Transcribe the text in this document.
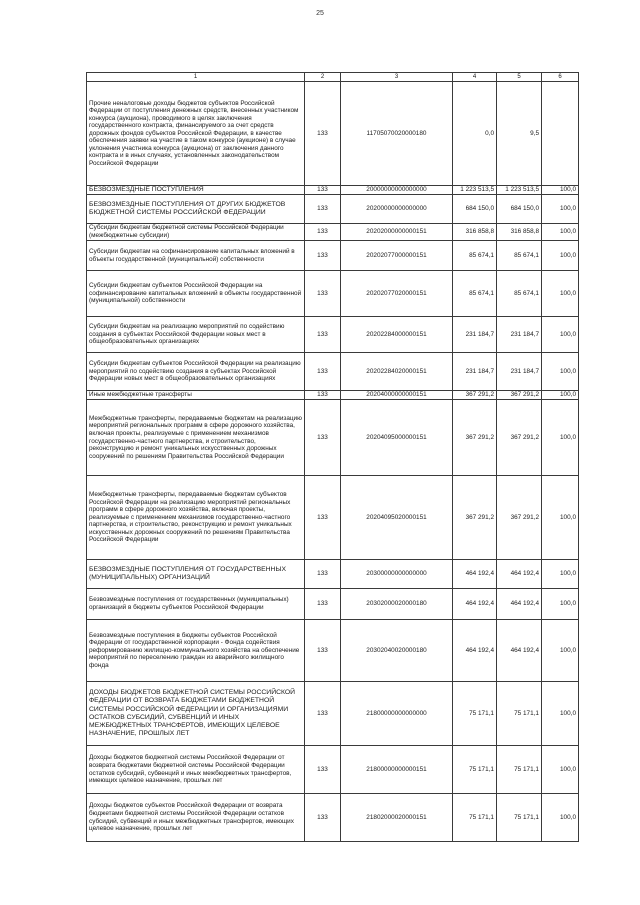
25
1	2	3	4	5	6
Прочие неналоговые доходы бюджетов субъектов Российской Федерации от поступления денежных средств, внесенных участником конкурса (аукциона), проводимого в целях заключения государственного контракта, финансируемого за счет средств дорожных фондов субъектов Российской Федерации, в качестве обеспечения заявки на участие в таком конкурсе (аукционе) в случае уклонения участника конкурса (аукциона) от заключения данного контракта и в иных случаях, установленных законодательством Российской Федерации	133	11705070020000180	0,0	9,5	
БЕЗВОЗМЕЗДНЫЕ ПОСТУПЛЕНИЯ	133	20000000000000000	1 223 513,5	1 223 513,5	100,0
БЕЗВОЗМЕЗДНЫЕ ПОСТУПЛЕНИЯ ОТ ДРУГИХ БЮДЖЕТОВ БЮДЖЕТНОЙ СИСТЕМЫ РОССИЙСКОЙ ФЕДЕРАЦИИ	133	20200000000000000	684 150,0	684 150,0	100,0
Субсидии бюджетам бюджетной системы Российской Федерации (межбюджетные субсидии)	133	20202000000000151	316 858,8	316 858,8	100,0
Субсидии бюджетам на софинансирование капитальных вложений в объекты государственной (муниципальной) собственности	133	20202077000000151	85 674,1	85 674,1	100,0
Субсидии бюджетам субъектов Российской Федерации на софинансирование капитальных вложений в объекты государственной (муниципальной) собственности	133	20202077020000151	85 674,1	85 674,1	100,0
Субсидии бюджетам на реализацию мероприятий по содействию создания в субъектах Российской Федерации новых мест в общеобразовательных организациях	133	20202284000000151	231 184,7	231 184,7	100,0
Субсидии бюджетам субъектов Российской Федерации на реализацию мероприятий по содействию создания в субъектах Российской Федерации новых мест в общеобразовательных организациях	133	20202284020000151	231 184,7	231 184,7	100,0
Иные межбюджетные трансферты	133	20204000000000151	367 291,2	367 291,2	100,0
Межбюджетные трансферты, передаваемые бюджетам на реализацию мероприятий региональных программ в сфере дорожного хозяйства, включая проекты, реализуемые с применением механизмов государственно-частного партнерства, и строительство, реконструкцию и ремонт уникальных искусственных дорожных сооружений по решениям Правительства Российской Федерации	133	20204095000000151	367 291,2	367 291,2	100,0
Межбюджетные трансферты, передаваемые бюджетам субъектов Российской Федерации на реализацию мероприятий региональных программ в сфере дорожного хозяйства, включая проекты, реализуемые с применением механизмов государственно-частного партнерства, и строительство, реконструкцию и ремонт уникальных искусственных дорожных сооружений по решениям Правительства Российской Федерации	133	20204095020000151	367 291,2	367 291,2	100,0
БЕЗВОЗМЕЗДНЫЕ ПОСТУПЛЕНИЯ ОТ ГОСУДАРСТВЕННЫХ (МУНИЦИПАЛЬНЫХ) ОРГАНИЗАЦИЙ	133	20300000000000000	464 192,4	464 192,4	100,0
Безвозмездные поступления от государственных (муниципальных) организаций в бюджеты субъектов Российской Федерации	133	20302000020000180	464 192,4	464 192,4	100,0
Безвозмездные поступления в бюджеты субъектов Российской Федерации от государственной корпорации - Фонда содействия реформированию жилищно-коммунального хозяйства на обеспечение мероприятий по переселению граждан из аварийного жилищного фонда	133	20302040020000180	464 192,4	464 192,4	100,0
ДОХОДЫ БЮДЖЕТОВ БЮДЖЕТНОЙ СИСТЕМЫ РОССИЙСКОЙ ФЕДЕРАЦИИ ОТ ВОЗВРАТА БЮДЖЕТАМИ БЮДЖЕТНОЙ СИСТЕМЫ РОССИЙСКОЙ ФЕДЕРАЦИИ И ОРГАНИЗАЦИЯМИ ОСТАТКОВ СУБСИДИЙ, СУБВЕНЦИЙ И ИНЫХ МЕЖБЮДЖЕТНЫХ ТРАНСФЕРТОВ, ИМЕЮЩИХ ЦЕЛЕВОЕ НАЗНАЧЕНИЕ, ПРОШЛЫХ ЛЕТ	133	21800000000000000	75 171,1	75 171,1	100,0
Доходы бюджетов бюджетной системы Российской Федерации от возврата бюджетами бюджетной системы Российской Федерации остатков субсидий, субвенций и иных межбюджетных трансфертов, имеющих целевое назначение, прошлых лет	133	21800000000000151	75 171,1	75 171,1	100,0
Доходы бюджетов субъектов Российской Федерации от возврата бюджетами бюджетной системы Российской Федерации остатков субсидий, субвенций и иных межбюджетных трансфертов, имеющих целевое назначение, прошлых лет	133	21802000020000151	75 171,1	75 171,1	100,0
